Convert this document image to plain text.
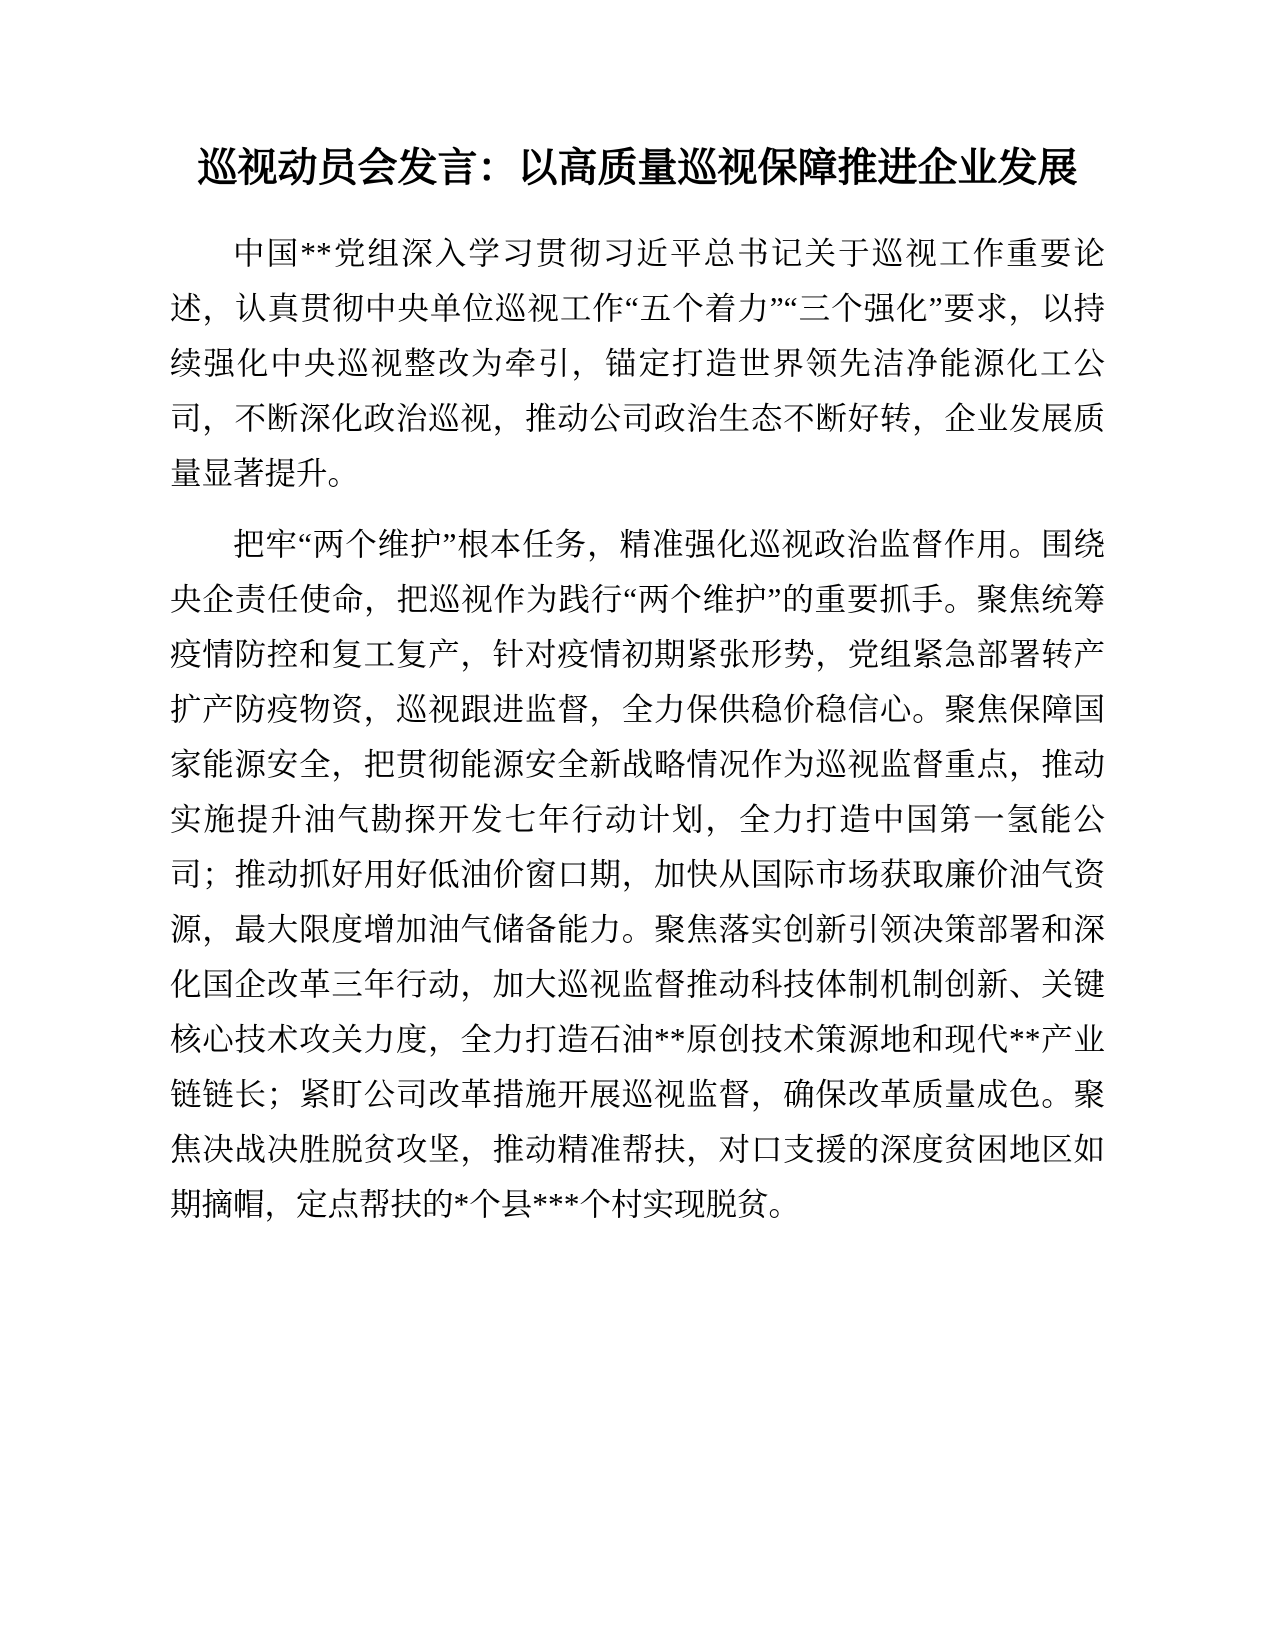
巡视动员会发言：以高质量巡视保障推进企业发展

中国**党组深入学习贯彻习近平总书记关于巡视工作重要论述，认真贯彻中央单位巡视工作“五个着力”“三个强化”要求，以持续强化中央巡视整改为牵引，锚定打造世界领先洁净能源化工公司，不断深化政治巡视，推动公司政治生态不断好转，企业发展质量显著提升。

把牢“两个维护”根本任务，精准强化巡视政治监督作用。围绕央企责任使命，把巡视作为践行“两个维护”的重要抓手。聚焦统筹疫情防控和复工复产，针对疫情初期紧张形势，党组紧急部署转产扩产防疫物资，巡视跟进监督，全力保供稳价稳信心。聚焦保障国家能源安全，把贯彻能源安全新战略情况作为巡视监督重点，推动实施提升油气勘探开发七年行动计划，全力打造中国第一氢能公司；推动抓好用好低油价窗口期，加快从国际市场获取廉价油气资源，最大限度增加油气储备能力。聚焦落实创新引领决策部署和深化国企改革三年行动，加大巡视监督推动科技体制机制创新、关键核心技术攻关力度，全力打造石油**原创技术策源地和现代**产业链链长；紧盯公司改革措施开展巡视监督，确保改革质量成色。聚焦决战决胜脱贫攻坚，推动精准帮扶，对口支援的深度贫困地区如期摘帽，定点帮扶的*个县***个村实现脱贫。
